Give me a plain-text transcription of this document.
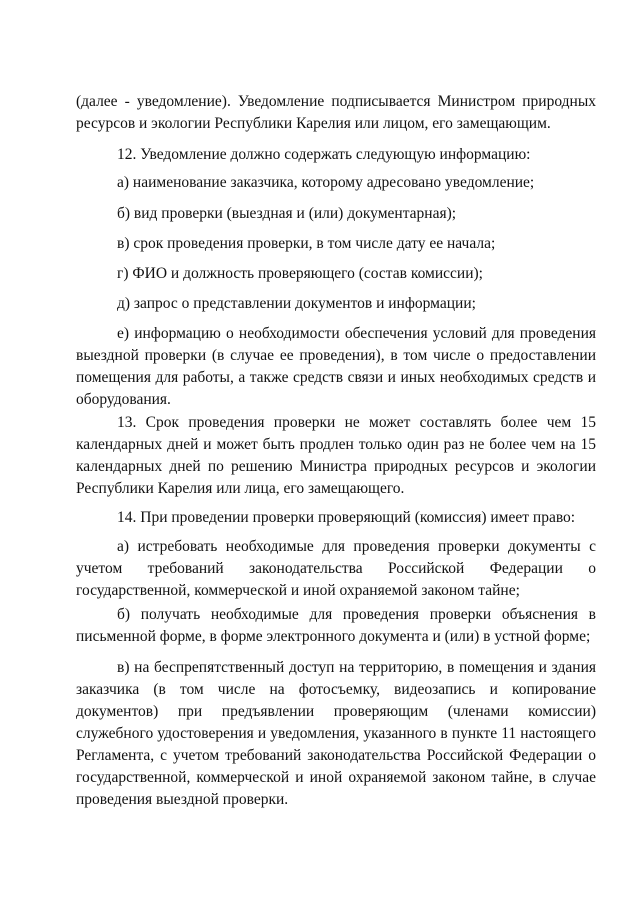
(далее - уведомление). Уведомление подписывается Министром природных ресурсов и экологии Республики Карелия или лицом, его замещающим.

12. Уведомление должно содержать следующую информацию:

а) наименование заказчика, которому адресовано уведомление;

б) вид проверки (выездная и (или) документарная);

в) срок проведения проверки, в том числе дату ее начала;

г) ФИО и должность проверяющего (состав комиссии);

д) запрос о представлении документов и информации;

е) информацию о необходимости обеспечения условий для проведения выездной проверки (в случае ее проведения), в том числе о предоставлении помещения для работы, а также средств связи и иных необходимых средств и оборудования.

13. Срок проведения проверки не может составлять более чем 15 календарных дней и может быть продлен только один раз не более чем на 15 календарных дней по решению Министра природных ресурсов и экологии Республики Карелия или лица, его замещающего.

14. При проведении проверки проверяющий (комиссия) имеет право:

а) истребовать необходимые для проведения проверки документы с учетом требований законодательства Российской Федерации о государственной, коммерческой и иной охраняемой законом тайне;

б) получать необходимые для проведения проверки объяснения в письменной форме, в форме электронного документа и (или) в устной форме;

в) на беспрепятственный доступ на территорию, в помещения и здания заказчика (в том числе на фотосъемку, видеозапись и копирование документов) при предъявлении проверяющим (членами комиссии) служебного удостоверения и уведомления, указанного в пункте 11 настоящего Регламента, с учетом требований законодательства Российской Федерации о государственной, коммерческой и иной охраняемой законом тайне, в случае проведения выездной проверки.
